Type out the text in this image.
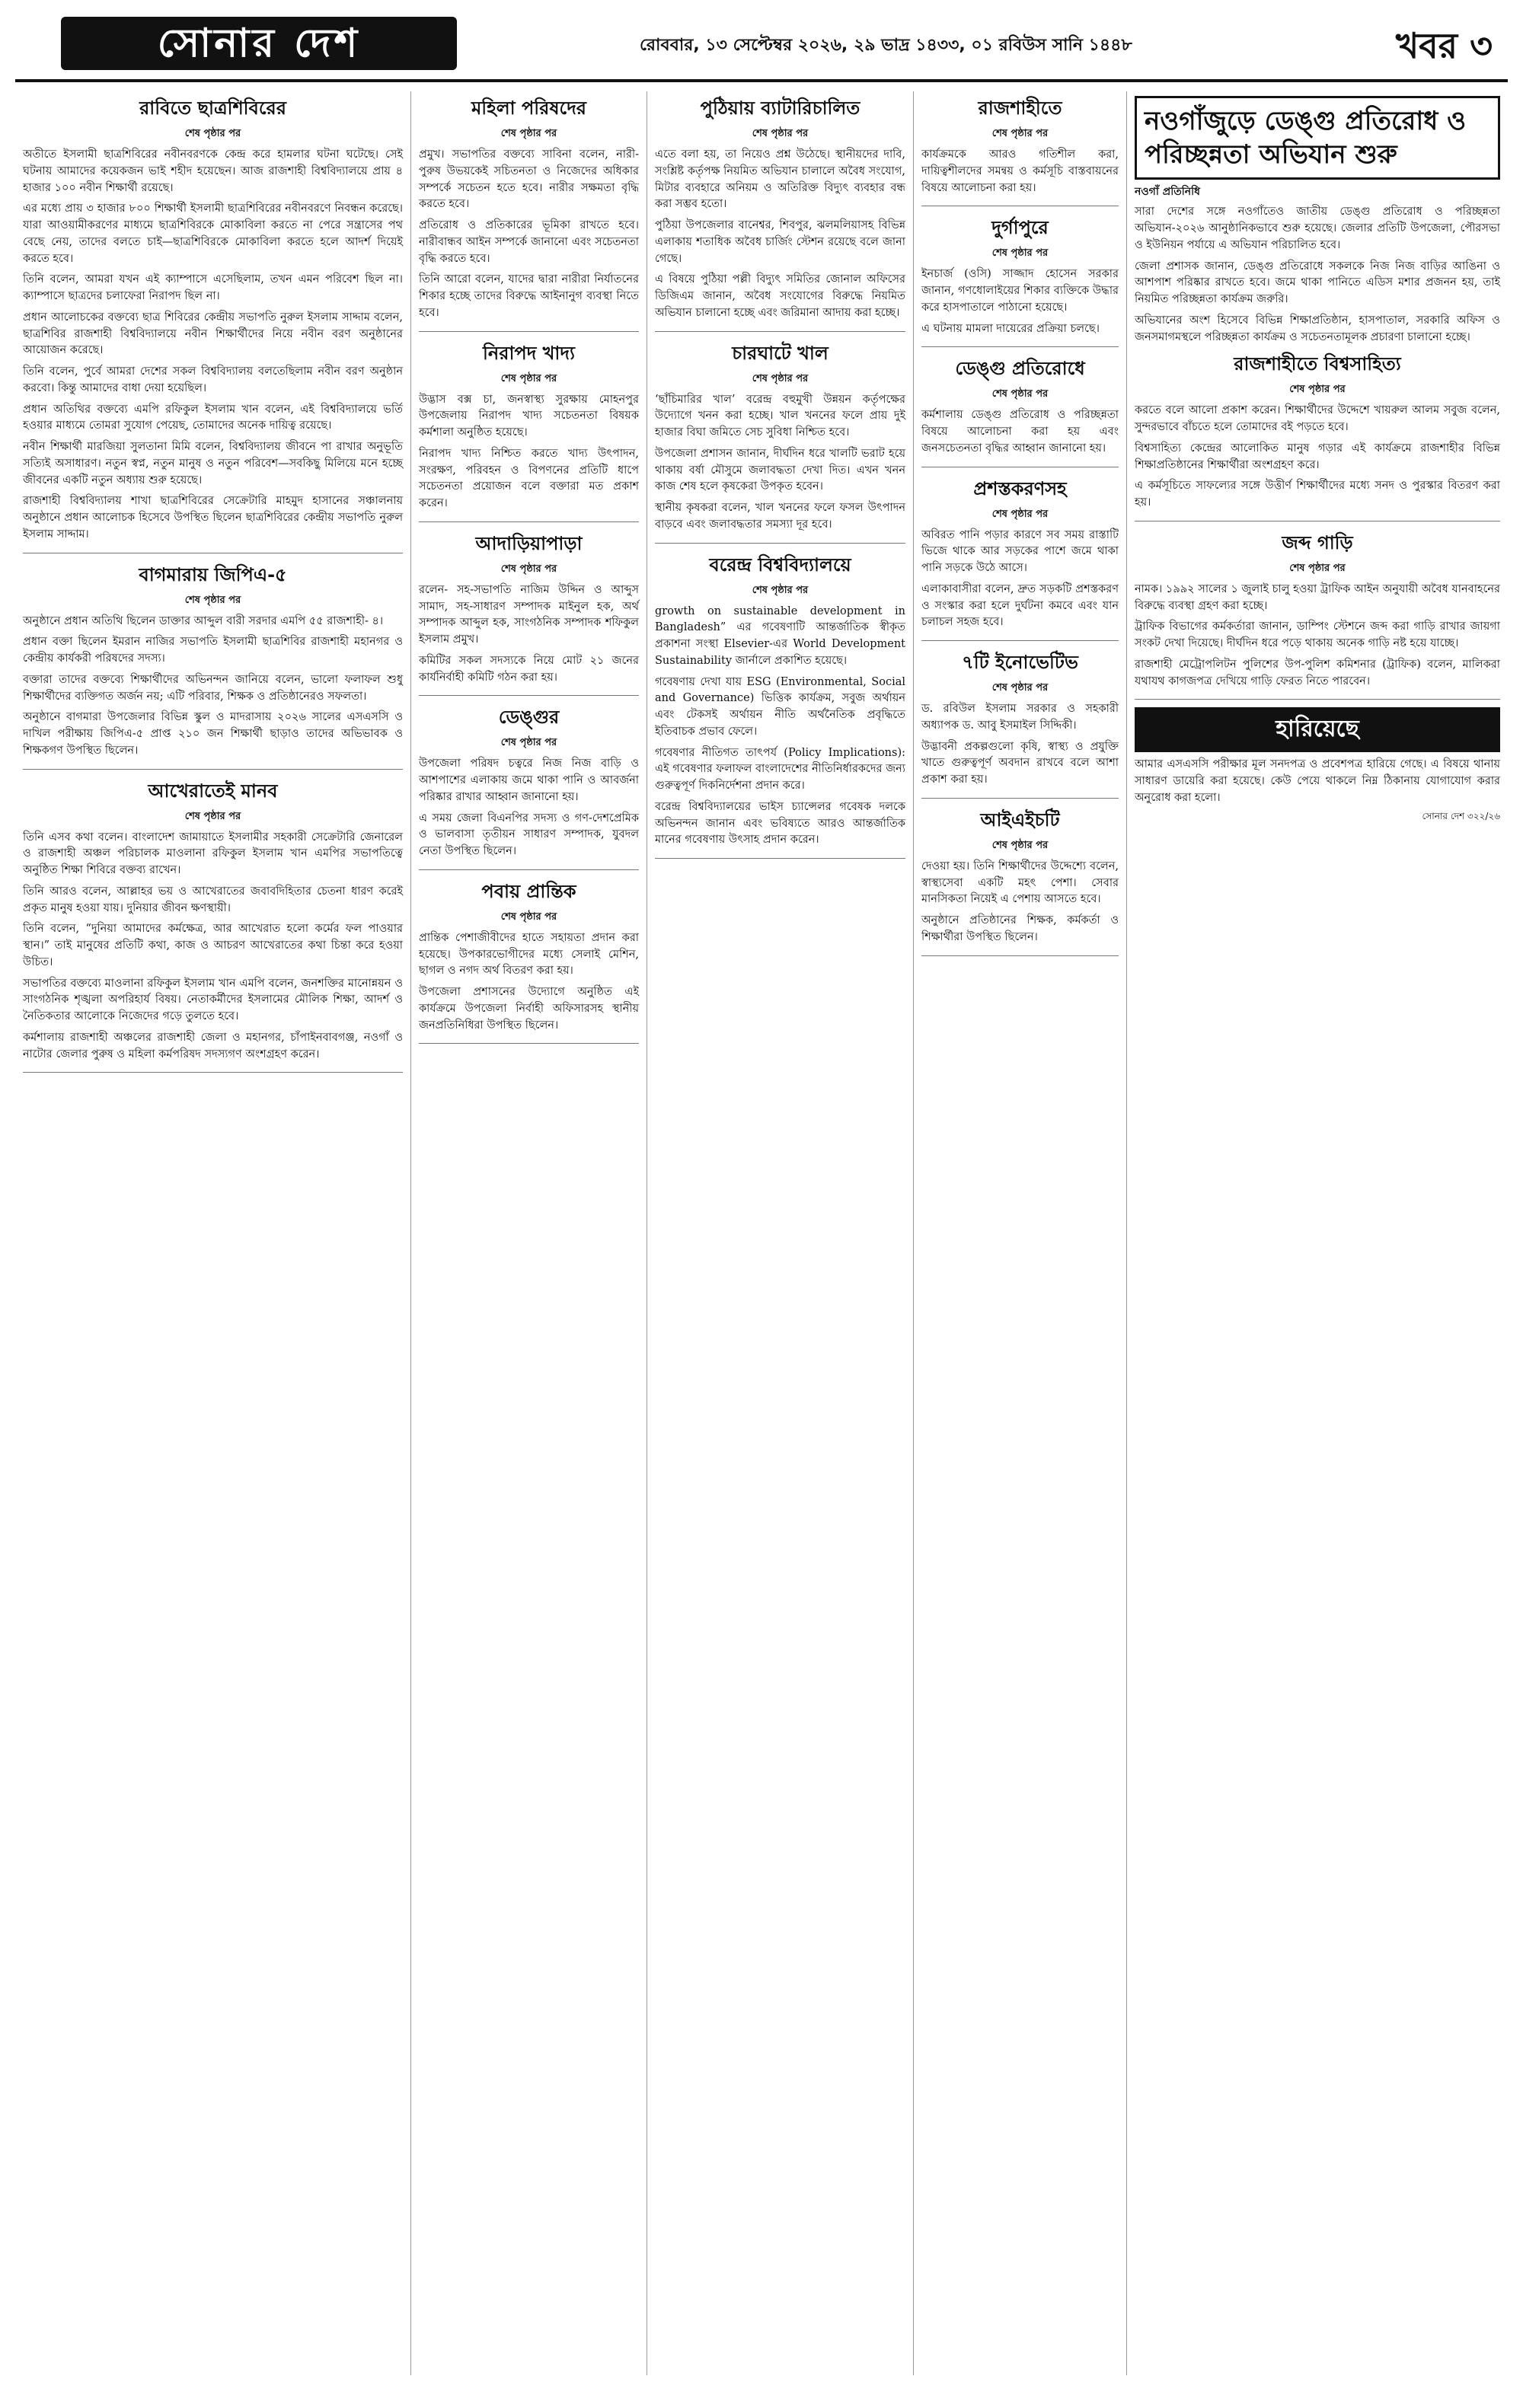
সোনার দেশ	রোববার, ১৩ সেপ্টেম্বর ২০২৬, ২৯ ভাদ্র ১৪৩৩, ০১ রবিউস সানি ১৪৪৮	খবর ৩
রাবিতে ছাত্রশিবিরের
শেষ পৃষ্ঠার পর

অতীতে ইসলামী ছাত্রশিবিরের নবীনবরণকে কেন্দ্র করে হামলার ঘটনা ঘটেছে। সেই ঘটনায় আমাদের কয়েকজন ভাই শহীদ হয়েছেন। আজ রাজশাহী বিশ্ববিদ্যালয়ে প্রায় ৪ হাজার ১০০ নবীন শিক্ষার্থী রয়েছে।

এর মধ্যে প্রায় ৩ হাজার ৮০০ শিক্ষার্থী ইসলামী ছাত্রশিবিরের নবীনবরণে নিবন্ধন করেছে। যারা আওয়ামীকরণের মাধ্যমে ছাত্রশিবিরকে মোকাবিলা করতে না পেরে সন্ত্রাসের পথ বেছে নেয়, তাদের বলতে চাই—ছাত্রশিবিরকে মোকাবিলা করতে হলে আদর্শ দিয়েই করতে হবে।

তিনি বলেন, আমরা যখন এই ক্যাম্পাসে এসেছিলাম, তখন এমন পরিবেশ ছিল না। ক্যাম্পাসে ছাত্রদের চলাফেরা নিরাপদ ছিল না।

প্রধান আলোচকের বক্তব্যে ছাত্র শিবিরের কেন্দ্রীয় সভাপতি নুরুল ইসলাম সাদ্দাম বলেন, ছাত্রশিবির রাজশাহী বিশ্ববিদ্যালয়ে নবীন শিক্ষার্থীদের নিয়ে নবীন বরণ অনুষ্ঠানের আয়োজন করেছে।

তিনি বলেন, পুর্বে আমরা দেশের সকল বিশ্ববিদ্যালয় বলতেছিলাম নবীন বরণ অনুষ্ঠান করবো। কিন্তু আমাদের বাধা দেয়া হয়েছিল।

প্রধান অতিথির বক্তব্যে এমপি রফিকুল ইসলাম খান বলেন, এই বিশ্ববিদ্যালয়ে ভর্তি হওয়ার মাধ্যমে তোমরা সুযোগ পেয়েছ, তোমাদের অনেক দায়িত্ব রয়েছে।

নবীন শিক্ষার্থী মারজিয়া সুলতানা মিমি বলেন, বিশ্ববিদ্যালয় জীবনে পা রাখার অনুভূতি সত্যিই অসাধারণ। নতুন স্বপ্ন, নতুন মানুষ ও নতুন পরিবেশ—সবকিছু মিলিয়ে মনে হচ্ছে জীবনের একটি নতুন অধ্যায় শুরু হয়েছে।

রাজশাহী বিশ্ববিদ্যালয় শাখা ছাত্রশিবিরের সেক্রেটারি মাহমুদ হাসানের সঞ্চালনায় অনুষ্ঠানে প্রধান আলোচক হিসেবে উপস্থিত ছিলেন ছাত্রশিবিরের কেন্দ্রীয় সভাপতি নুরুল ইসলাম সাদ্দাম।

বাগমারায় জিপিএ-৫
শেষ পৃষ্ঠার পর

অনুষ্ঠানে প্রধান অতিথি ছিলেন ডাক্তার আব্দুল বারী সরদার এমপি ৫৫ রাজশাহী- ৪।

প্রধান বক্তা ছিলেন ইমরান নাজির সভাপতি ইসলামী ছাত্রশিবির রাজশাহী মহানগর ও কেন্দ্রীয় কার্যকরী পরিষদের সদস্য।

বক্তারা তাদের বক্তব্যে শিক্ষার্থীদের অভিনন্দন জানিয়ে বলেন, ভালো ফলাফল শুধু শিক্ষার্থীদের ব্যক্তিগত অর্জন নয়; এটি পরিবার, শিক্ষক ও প্রতিষ্ঠানেরও সফলতা।

অনুষ্ঠানে বাগমারা উপজেলার বিভিন্ন স্কুল ও মাদরাসায় ২০২৬ সালের এসএসসি ও দাখিল পরীক্ষায় জিপিএ-৫ প্রাপ্ত ২১০ জন শিক্ষার্থী ছাড়াও তাদের অভিভাবক ও শিক্ষকগণ উপস্থিত ছিলেন।

আখেরাতেই মানব
শেষ পৃষ্ঠার পর

তিনি এসব কথা বলেন। বাংলাদেশ জামায়াতে ইসলামীর সহকারী সেক্রেটারি জেনারেল ও রাজশাহী অঞ্চল পরিচালক মাওলানা রফিকুল ইসলাম খান এমপির সভাপতিত্বে অনুষ্ঠিত শিক্ষা শিবিরে বক্তব্য রাখেন।

তিনি আরও বলেন, আল্লাহর ভয় ও আখেরাতের জবাবদিহিতার চেতনা ধারণ করেই প্রকৃত মানুষ হওয়া যায়। দুনিয়ার জীবন ক্ষণস্থায়ী।

তিনি বলেন, “দুনিয়া আমাদের কর্মক্ষেত্র, আর আখেরাত হলো কর্মের ফল পাওয়ার স্থান।” তাই মানুষের প্রতিটি কথা, কাজ ও আচরণ আখেরাতের কথা চিন্তা করে হওয়া উচিত।

সভাপতির বক্তব্যে মাওলানা রফিকুল ইসলাম খান এমপি বলেন, জনশক্তির মানোন্নয়ন ও সাংগঠনিক শৃঙ্খলা অপরিহার্য বিষয়। নেতাকর্মীদের ইসলামের মৌলিক শিক্ষা, আদর্শ ও নৈতিকতার আলোকে নিজেদের গড়ে তুলতে হবে।

কর্মশালায় রাজশাহী অঞ্চলের রাজশাহী জেলা ও মহানগর, চাঁপাইনবাবগঞ্জ, নওগাঁ ও নাটোর জেলার পুরুষ ও মহিলা কর্মপরিষদ সদস্যগণ অংশগ্রহণ করেন।

মহিলা পরিষদের
শেষ পৃষ্ঠার পর

প্রমুখ। সভাপতির বক্তব্যে সাবিনা বলেন, নারী-পুরুষ উভয়কেই সচিতনতা ও নিজেদের অধিকার সম্পর্কে সচেতন হতে হবে। নারীর সক্ষমতা বৃদ্ধি করতে হবে।

প্রতিরোধ ও প্রতিকারের ভূমিকা রাখতে হবে। নারীবান্ধব আইন সম্পর্কে জানানো এবং সচেতনতা বৃদ্ধি করতে হবে।

তিনি আরো বলেন, যাদের দ্বারা নারীরা নির্যাতনের শিকার হচ্ছে তাদের বিরুদ্ধে আইনানুগ ব্যবস্থা নিতে হবে।

নিরাপদ খাদ্য
শেষ পৃষ্ঠার পর

উদ্ভাস বক্স চা, জনস্বাস্থ্য সুরক্ষায় মোহনপুর উপজেলায় নিরাপদ খাদ্য সচেতনতা বিষয়ক কর্মশালা অনুষ্ঠিত হয়েছে।

নিরাপদ খাদ্য নিশ্চিত করতে খাদ্য উৎপাদন, সংরক্ষণ, পরিবহন ও বিপণনের প্রতিটি ধাপে সচেতনতা প্রয়োজন বলে বক্তারা মত প্রকাশ করেন।

আদাড়িয়াপাড়া
শেষ পৃষ্ঠার পর

রলেন- সহ-সভাপতি নাজিম উদ্দিন ও আব্দুস সামাদ, সহ-সাধারণ সম্পাদক মাইনুল হক, অর্থ সম্পাদক আব্দুল হক, সাংগঠনিক সম্পাদক শফিকুল ইসলাম প্রমুখ।

কমিটির সকল সদস্যকে নিয়ে মোট ২১ জনের কার্যনির্বাহী কমিটি গঠন করা হয়।

ডেঙ্গুর
শেষ পৃষ্ঠার পর

উপজেলা পরিষদ চত্বরে নিজ নিজ বাড়ি ও আশপাশের এলাকায় জমে থাকা পানি ও আবর্জনা পরিষ্কার রাখার আহ্বান জানানো হয়।

এ সময় জেলা বিএনপির সদস্য ও গণ-দেশপ্রেমিক ও ভালবাসা তৃতীয়ন সাধারণ সম্পাদক, যুবদল নেতা উপস্থিত ছিলেন।

পবায় প্রান্তিক
শেষ পৃষ্ঠার পর

প্রান্তিক পেশাজীবীদের হাতে সহায়তা প্রদান করা হয়েছে। উপকারভোগীদের মধ্যে সেলাই মেশিন, ছাগল ও নগদ অর্থ বিতরণ করা হয়।

উপজেলা প্রশাসনের উদ্যোগে অনুষ্ঠিত এই কার্যক্রমে উপজেলা নির্বাহী অফিসারসহ স্থানীয় জনপ্রতিনিধিরা উপস্থিত ছিলেন।

পুঠিয়ায় ব্যাটারিচালিত
শেষ পৃষ্ঠার পর

এতে বলা হয়, তা নিয়েও প্রশ্ন উঠেছে। স্থানীয়দের দাবি, সংশ্লিষ্ট কর্তৃপক্ষ নিয়মিত অভিযান চালালে অবৈধ সংযোগ, মিটার ব্যবহারে অনিয়ম ও অতিরিক্ত বিদ্যুৎ ব্যবহার বন্ধ করা সম্ভব হতো।

পুঠিয়া উপজেলার বানেশ্বর, শিবপুর, ঝলমলিয়াসহ বিভিন্ন এলাকায় শতাধিক অবৈধ চার্জিং স্টেশন রয়েছে বলে জানা গেছে।

এ বিষয়ে পুঠিয়া পল্লী বিদ্যুৎ সমিতির জোনাল অফিসের ডিজিএম জানান, অবৈধ সংযোগের বিরুদ্ধে নিয়মিত অভিযান চালানো হচ্ছে এবং জরিমানা আদায় করা হচ্ছে।

চারঘাটে খাল
শেষ পৃষ্ঠার পর

‘ছাঁচিমারির খাল’ বরেন্দ্র বহুমুখী উন্নয়ন কর্তৃপক্ষের উদ্যোগে খনন করা হচ্ছে। খাল খননের ফলে প্রায় দুই হাজার বিঘা জমিতে সেচ সুবিধা নিশ্চিত হবে।

উপজেলা প্রশাসন জানান, দীর্ঘদিন ধরে খালটি ভরাট হয়ে থাকায় বর্ষা মৌসুমে জলাবদ্ধতা দেখা দিত। এখন খনন কাজ শেষ হলে কৃষকেরা উপকৃত হবেন।

স্থানীয় কৃষকরা বলেন, খাল খননের ফলে ফসল উৎপাদন বাড়বে এবং জলাবদ্ধতার সমস্যা দূর হবে।

বরেন্দ্র বিশ্ববিদ্যালয়ে
শেষ পৃষ্ঠার পর

growth on sustainable development in Bangladesh” এর গবেষণাটি আন্তর্জাতিক স্বীকৃত প্রকাশনা সংস্থা Elsevier-এর World Development Sustainability জার্নালে প্রকাশিত হয়েছে।

গবেষণায় দেখা যায় ESG (Environmental, Social and Governance) ভিত্তিক কার্যক্রম, সবুজ অর্থায়ন এবং টেকসই অর্থায়ন নীতি অর্থনৈতিক প্রবৃদ্ধিতে ইতিবাচক প্রভাব ফেলে।

গবেষণার নীতিগত তাৎপর্য (Policy Implications): এই গবেষণার ফলাফল বাংলাদেশের নীতিনির্ধারকদের জন্য গুরুত্বপূর্ণ দিকনির্দেশনা প্রদান করে।

বরেন্দ্র বিশ্ববিদ্যালয়ের ভাইস চ্যান্সেলর গবেষক দলকে অভিনন্দন জানান এবং ভবিষ্যতে আরও আন্তর্জাতিক মানের গবেষণায় উৎসাহ প্রদান করেন।

রাজশাহীতে
শেষ পৃষ্ঠার পর

কার্যক্রমকে আরও গতিশীল করা, দায়িত্বশীলদের সমন্বয় ও কর্মসূচি বাস্তবায়নের বিষয়ে আলোচনা করা হয়।

দুর্গাপুরে
শেষ পৃষ্ঠার পর

ইনচার্জ (ওসি) সাজ্জাদ হোসেন সরকার জানান, গণধোলাইয়ের শিকার ব্যক্তিকে উদ্ধার করে হাসপাতালে পাঠানো হয়েছে।

এ ঘটনায় মামলা দায়েরের প্রক্রিয়া চলছে।

ডেঙ্গু প্রতিরোধে
শেষ পৃষ্ঠার পর

কর্মশালায় ডেঙ্গু প্রতিরোধ ও পরিচ্ছন্নতা বিষয়ে আলোচনা করা হয় এবং জনসচেতনতা বৃদ্ধির আহ্বান জানানো হয়।

প্রশস্তকরণসহ
শেষ পৃষ্ঠার পর

অবিরত পানি পড়ার কারণে সব সময় রাস্তাটি ভিজে থাকে আর সড়কের পাশে জমে থাকা পানি সড়কে উঠে আসে।

এলাকাবাসীরা বলেন, দ্রুত সড়কটি প্রশস্তকরণ ও সংস্কার করা হলে দুর্ঘটনা কমবে এবং যান চলাচল সহজ হবে।

৭টি ইনোভেটিভ
শেষ পৃষ্ঠার পর

ড. রবিউল ইসলাম সরকার ও সহকারী অধ্যাপক ড. আবু ইসমাইল সিদ্দিকী।

উদ্ভাবনী প্রকল্পগুলো কৃষি, স্বাস্থ্য ও প্রযুক্তি খাতে গুরুত্বপূর্ণ অবদান রাখবে বলে আশা প্রকাশ করা হয়।

আইএইচটি
শেষ পৃষ্ঠার পর

দেওয়া হয়। তিনি শিক্ষার্থীদের উদ্দেশ্যে বলেন, স্বাস্থ্যসেবা একটি মহৎ পেশা। সেবার মানসিকতা নিয়েই এ পেশায় আসতে হবে।

অনুষ্ঠানে প্রতিষ্ঠানের শিক্ষক, কর্মকর্তা ও শিক্ষার্থীরা উপস্থিত ছিলেন।

নওগাঁজুড়ে ডেঙ্গু প্রতিরোধ ও পরিচ্ছন্নতা অভিযান শুরু
নওগাঁ প্রতিনিধি

সারা দেশের সঙ্গে নওগাঁতেও জাতীয় ডেঙ্গু প্রতিরোধ ও পরিচ্ছন্নতা অভিযান-২০২৬ আনুষ্ঠানিকভাবে শুরু হয়েছে। জেলার প্রতিটি উপজেলা, পৌরসভা ও ইউনিয়ন পর্যায়ে এ অভিযান পরিচালিত হবে।

জেলা প্রশাসক জানান, ডেঙ্গু প্রতিরোধে সকলকে নিজ নিজ বাড়ির আঙিনা ও আশপাশ পরিষ্কার রাখতে হবে। জমে থাকা পানিতে এডিস মশার প্রজনন হয়, তাই নিয়মিত পরিচ্ছন্নতা কার্যক্রম জরুরি।

অভিযানের অংশ হিসেবে বিভিন্ন শিক্ষাপ্রতিষ্ঠান, হাসপাতাল, সরকারি অফিস ও জনসমাগমস্থলে পরিচ্ছন্নতা কার্যক্রম ও সচেতনতামূলক প্রচারণা চালানো হচ্ছে।

রাজশাহীতে বিশ্বসাহিত্য
শেষ পৃষ্ঠার পর

করতে বলে আলো প্রকাশ করেন। শিক্ষার্থীদের উদ্দেশে খায়রুল আলম সবুজ বলেন, সুন্দরভাবে বাঁচতে হলে তোমাদের বই পড়তে হবে।

বিশ্বসাহিত্য কেন্দ্রের আলোকিত মানুষ গড়ার এই কার্যক্রমে রাজশাহীর বিভিন্ন শিক্ষাপ্রতিষ্ঠানের শিক্ষার্থীরা অংশগ্রহণ করে।

এ কর্মসূচিতে সাফল্যের সঙ্গে উত্তীর্ণ শিক্ষার্থীদের মধ্যে সনদ ও পুরস্কার বিতরণ করা হয়।

জব্দ গাড়ি
শেষ পৃষ্ঠার পর

নামক। ১৯৯২ সালের ১ জুলাই চালু হওয়া ট্রাফিক আইন অনুযায়ী অবৈধ যানবাহনের বিরুদ্ধে ব্যবস্থা গ্রহণ করা হচ্ছে।

ট্রাফিক বিভাগের কর্মকর্তারা জানান, ডাম্পিং স্টেশনে জব্দ করা গাড়ি রাখার জায়গা সংকট দেখা দিয়েছে। দীর্ঘদিন ধরে পড়ে থাকায় অনেক গাড়ি নষ্ট হয়ে যাচ্ছে।

রাজশাহী মেট্রোপলিটন পুলিশের উপ-পুলিশ কমিশনার (ট্রাফিক) বলেন, মালিকরা যথাযথ কাগজপত্র দেখিয়ে গাড়ি ফেরত নিতে পারবেন।

হারিয়েছে

আমার এসএসসি পরীক্ষার মূল সনদপত্র ও প্রবেশপত্র হারিয়ে গেছে। এ বিষয়ে থানায় সাধারণ ডায়েরি করা হয়েছে। কেউ পেয়ে থাকলে নিম্ন ঠিকানায় যোগাযোগ করার অনুরোধ করা হলো।

সোনার দেশ ৩২২/২৬
